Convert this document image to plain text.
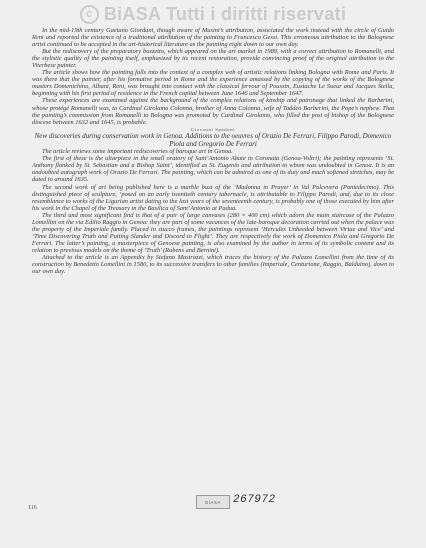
c BiASA Tutti i diritti riservati

In the mid-19th century Gaetano Giordani, though aware of Musini’s attribution, associated the work instead with the circle of Guido Reni and reported the existence of a traditional attribution of the painting to Francesco Gessi. This erroneous attribution to the Bolognese artist continued to be accepted in the art-historical literature as the painting eight down to our own day.

But the rediscovery of the preparatory bozzetto, which appeared on the art market in 1989, with a correct attribution to Romanelli, and the stylistic quality of the painting itself, emphasized by its recent restoration, provide convincing proof of the original attribution to the Viterbese painter.

The article shows how the painting falls into the context of a complex web of artistic relations linking Bologna with Rome and Paris. It was there that the painter, after his formative period in Rome and the experience amassed by the copying of the works of the Bolognese masters Domenichino, Albani, Reni, was brought into contact with the classical fervour of Poussin, Eustache Le Sueur and Jacques Stella, beginning with his first period of residence in the French capital between June 1646 and September 1647.

These experiences are examined against the background of the complex relations of kinship and patronage that linked the Barberini, whose protégé Romanelli was, to Cardinal Girolamo Colonna, brother of Anna Colonna, wife of Taddeo Barberini, the Pope’s nephew. That the painting’s commission from Romanelli to Bologna was promoted by Cardinal Girolamo, who filled the post of bishop of the Bolognese diocese between 1632 and 1645, is probable.

Giovanni Spadoni

New discoveries during conservation work in Genoa. Additions to the oeuvres of Orazio De Ferrari, Filippo Parodi, Domenico Piola and Gregorio De Ferrari

The article reviews some important rediscoveries of baroque art in Genoa.

The first of these is the altarpiece in the small oratory of Sant’Antonio Abate in Coronata (Genoa-Voltri); the painting represents ‘St. Anthony flanked by St. Sebastian and a Bishop Saint’, identified as St. Eugenio and attribution to whom was undoubted in Genoa. It is an undoubted autograph work of Orazio De Ferrari. The painting, which can be admired as one of its duty and much softened stretches, may be dated to around 1635.

The second work of art being published here is a marble bust of the ‘Madonna in Prayer’ in Val Polcevera (Pontedecimo). This distinguished piece of sculpture, ‘posed on an early twentieth century tabernacle, is attributable to Filippo Parodi, and, due to its close resemblance to works of the Ligurian artist dating to the last years of the seventeenth century, is probably one of those executed by him after his work in the Chapel of the Treasury in the Basilica of Sant’Antonio at Padua.

The third and most significant find is that of a pair of large canvases (280 × 400 cm) which adorn the main staircase of the Palazzo Lomellini on the via Edilio Raggio in Genoa: they are part of some vacances of the late-baroque decoration carried out when the palace was the property of the Imperiale family. Placed in stucco frames, the paintings represent ‘Hercules Unheeded between Virtue and Vice’ and ‘Time Discovering Truth and Putting Slander and Discord to Flight’. They are respectively the work of Domenico Piola and Gregorio De Ferrari. The latter’s painting, a masterpiece of Genoese painting, is also examined by the author in terms of its symbolic content and its relation to previous models on the theme of ‘Truth’ (Rubens and Bernini).

Attached to the article is an Appendix by Stefano Mastrazzi, which traces the history of the Palazzo Lomellini from the time of its construction by Benedetto Lomellini in 1580, to its successive transfers to other families (Imperiale, Centurione, Raggio, Balduino), down to our own day.

116
BIASA 267972
